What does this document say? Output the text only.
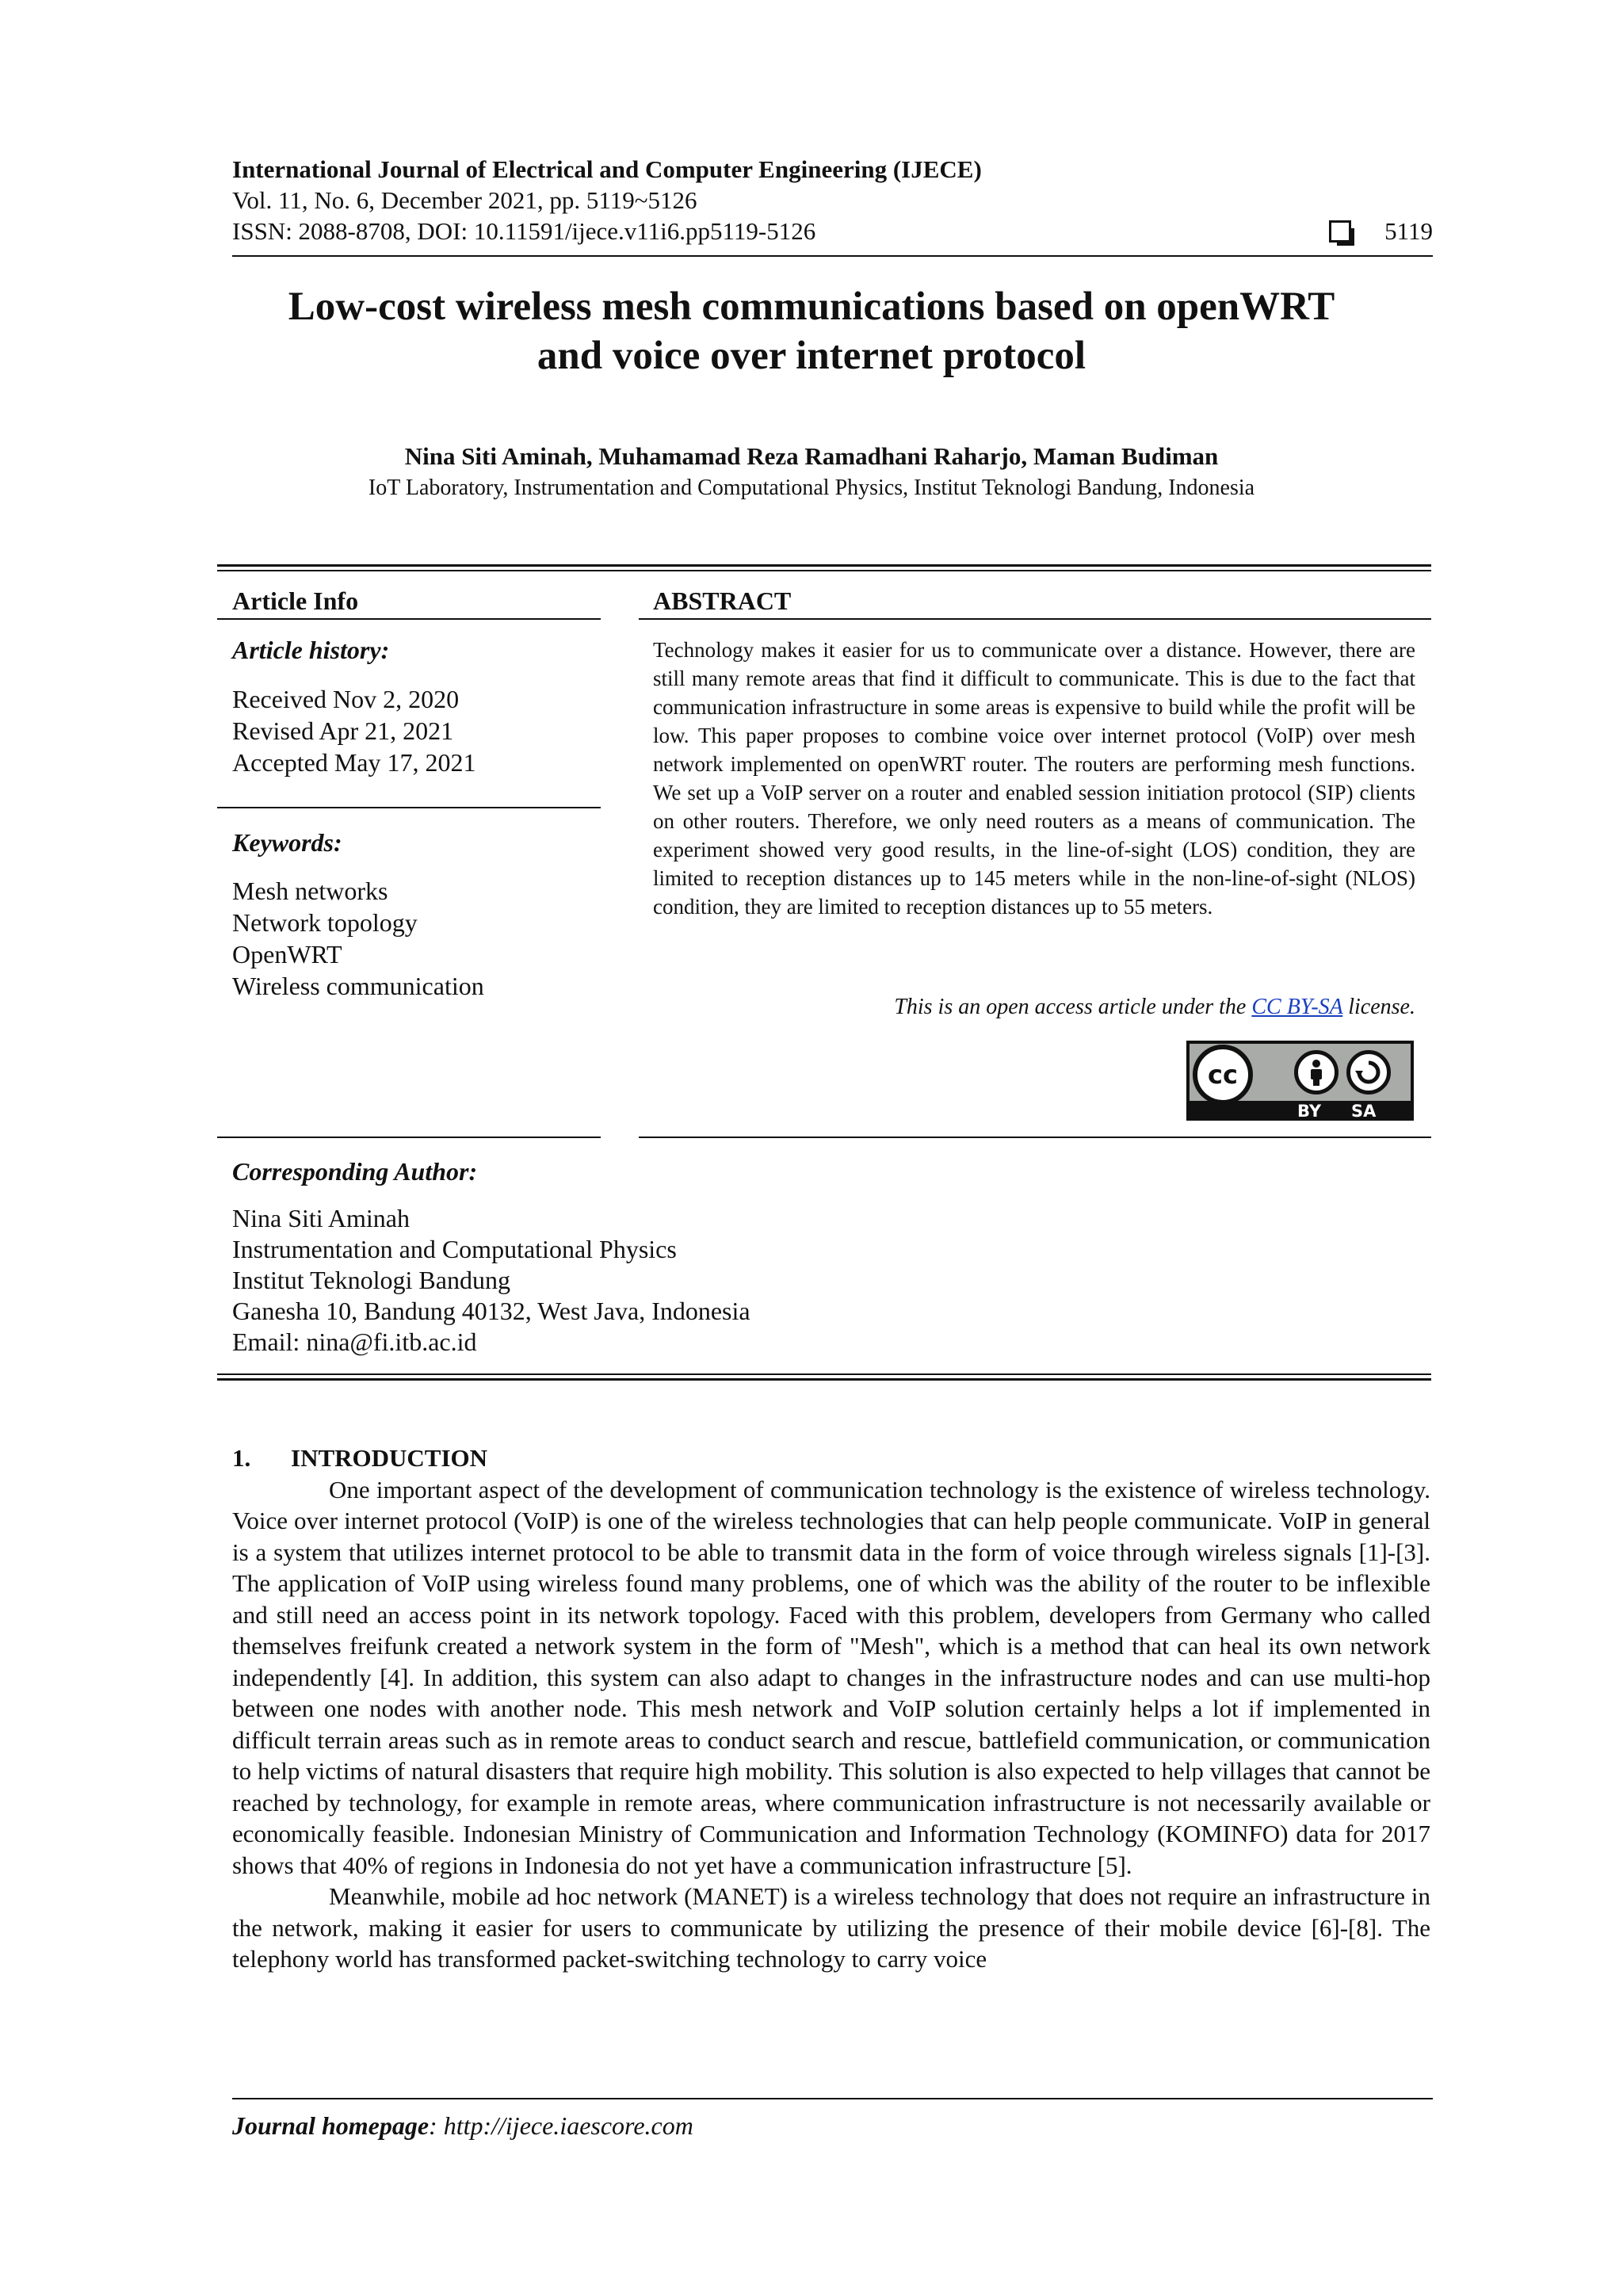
International Journal of Electrical and Computer Engineering (IJECE)
Vol. 11, No. 6, December 2021, pp. 5119~5126
ISSN: 2088-8708, DOI: 10.11591/ijece.v11i6.pp5119-5126	5119
Low-cost wireless mesh communications based on openWRT
and voice over internet protocol
Nina Siti Aminah, Muhamamad Reza Ramadhani Raharjo, Maman Budiman
IoT Laboratory, Instrumentation and Computational Physics, Institut Teknologi Bandung, Indonesia
Article Info
Article history:
Received Nov 2, 2020
Revised Apr 21, 2021
Accepted May 17, 2021
Keywords:
Mesh networks
Network topology
OpenWRT
Wireless communication
ABSTRACT
Technology makes it easier for us to communicate over a distance. However, there are still many remote areas that find it difficult to communicate. This is due to the fact that communication infrastructure in some areas is expensive to build while the profit will be low. This paper proposes to combine voice over internet protocol (VoIP) over mesh network implemented on openWRT router. The routers are performing mesh functions. We set up a VoIP server on a router and enabled session initiation protocol (SIP) clients on other routers. Therefore, we only need routers as a means of communication. The experiment showed very good results, in the line-of-sight (LOS) condition, they are limited to reception distances up to 145 meters while in the non-line-of-sight (NLOS) condition, they are limited to reception distances up to 55 meters.
This is an open access article under the CC BY-SA license.
cc
BY SA
Corresponding Author:
Nina Siti Aminah
Instrumentation and Computational Physics
Institut Teknologi Bandung
Ganesha 10, Bandung 40132, West Java, Indonesia
Email: nina@fi.itb.ac.id

1. INTRODUCTION

One important aspect of the development of communication technology is the existence of wireless technology. Voice over internet protocol (VoIP) is one of the wireless technologies that can help people communicate. VoIP in general is a system that utilizes internet protocol to be able to transmit data in the form of voice through wireless signals [1]-[3]. The application of VoIP using wireless found many problems, one of which was the ability of the router to be inflexible and still need an access point in its network topology. Faced with this problem, developers from Germany who called themselves freifunk created a network system in the form of "Mesh", which is a method that can heal its own network independently [4]. In addition, this system can also adapt to changes in the infrastructure nodes and can use multi-hop between one nodes with another node. This mesh network and VoIP solution certainly helps a lot if implemented in difficult terrain areas such as in remote areas to conduct search and rescue, battlefield communication, or communication to help victims of natural disasters that require high mobility. This solution is also expected to help villages that cannot be reached by technology, for example in remote areas, where communication infrastructure is not necessarily available or economically feasible. Indonesian Ministry of Communication and Information Technology (KOMINFO) data for 2017 shows that 40% of regions in Indonesia do not yet have a communication infrastructure [5].

Meanwhile, mobile ad hoc network (MANET) is a wireless technology that does not require an infrastructure in the network, making it easier for users to communicate by utilizing the presence of their mobile device [6]-[8]. The telephony world has transformed packet-switching technology to carry voice

Journal homepage: http://ijece.iaescore.com
